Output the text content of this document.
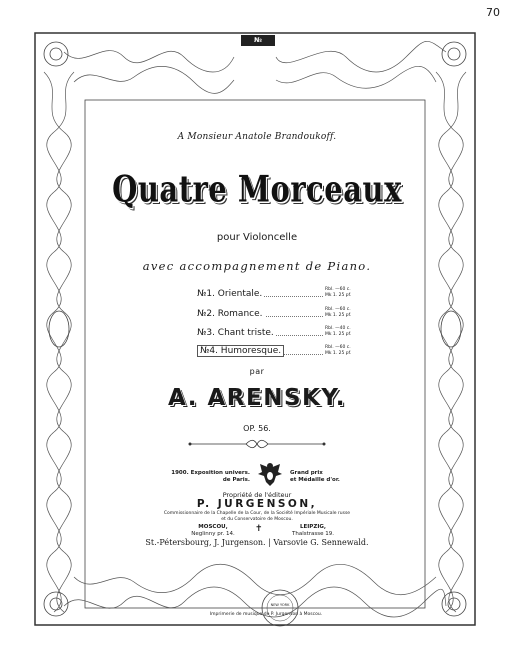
70
№ 23805
A Monsieur Anatole Brandoukoff.
Quatre Morceaux
pour Violoncelle
avec accompagnement de Piano.
№1. Orientale.	Rbl. —60 c.
Mk 1. 25 pf.
№2. Romance.	Rbl. —60 c.
Mk 1. 25 pf.
№3. Chant triste.	Rbl. —40 c.
Mk 1. 25 pf.
№4. Humoresque.	Rbl. —60 c.
Mk 1. 25 pf.
par
A. ARENSKY.
OP. 56.
1900. Exposition univers.
de Paris.
Grand prix
et Médaille d'or.
Propriété de l'éditeur
P. JURGENSON,
Commissionnaire de la Chapelle de la Cour, de la Société Impériale Musicale russe
et du Conservatoire de Moscou.
MOSCOU,
Neglinny pr. 14.	✝	LEIPZIG,
Thalstrasse 19.
St.-Pétersbourg, J. Jurgenson. | Varsovie G. Sennewald.
NEW YORK
Imprimerie de musique de P. Jurgenson à Moscou.
